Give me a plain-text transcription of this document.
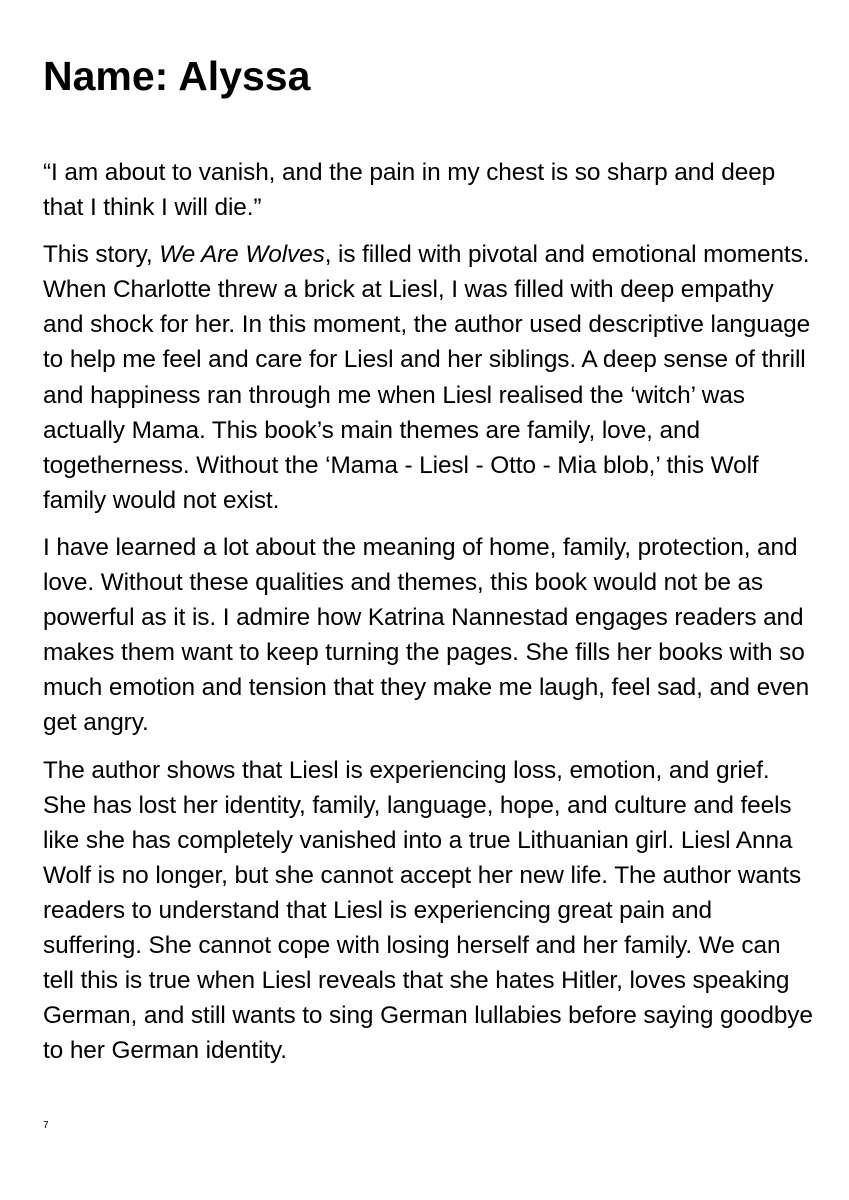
Name: Alyssa

“I am about to vanish, and the pain in my chest is so sharp and deep that I think I will die.”

This story, We Are Wolves, is filled with pivotal and emotional moments. When Charlotte threw a brick at Liesl, I was filled with deep empathy and shock for her. In this moment, the author used descriptive language to help me feel and care for Liesl and her siblings. A deep sense of thrill and happiness ran through me when Liesl realised the ‘witch’ was actually Mama. This book’s main themes are family, love, and togetherness. Without the ‘Mama - Liesl - Otto - Mia blob,’ this Wolf family would not exist.

I have learned a lot about the meaning of home, family, protection, and love. Without these qualities and themes, this book would not be as powerful as it is. I admire how Katrina Nannestad engages readers and makes them want to keep turning the pages. She fills her books with so much emotion and tension that they make me laugh, feel sad, and even get angry.

The author shows that Liesl is experiencing loss, emotion, and grief. She has lost her identity, family, language, hope, and culture and feels like she has completely vanished into a true Lithuanian girl. Liesl Anna Wolf is no longer, but she cannot accept her new life. The author wants readers to understand that Liesl is experiencing great pain and suffering. She cannot cope with losing herself and her family. We can tell this is true when Liesl reveals that she hates Hitler, loves speaking German, and still wants to sing German lullabies before saying goodbye to her German identity.

7
